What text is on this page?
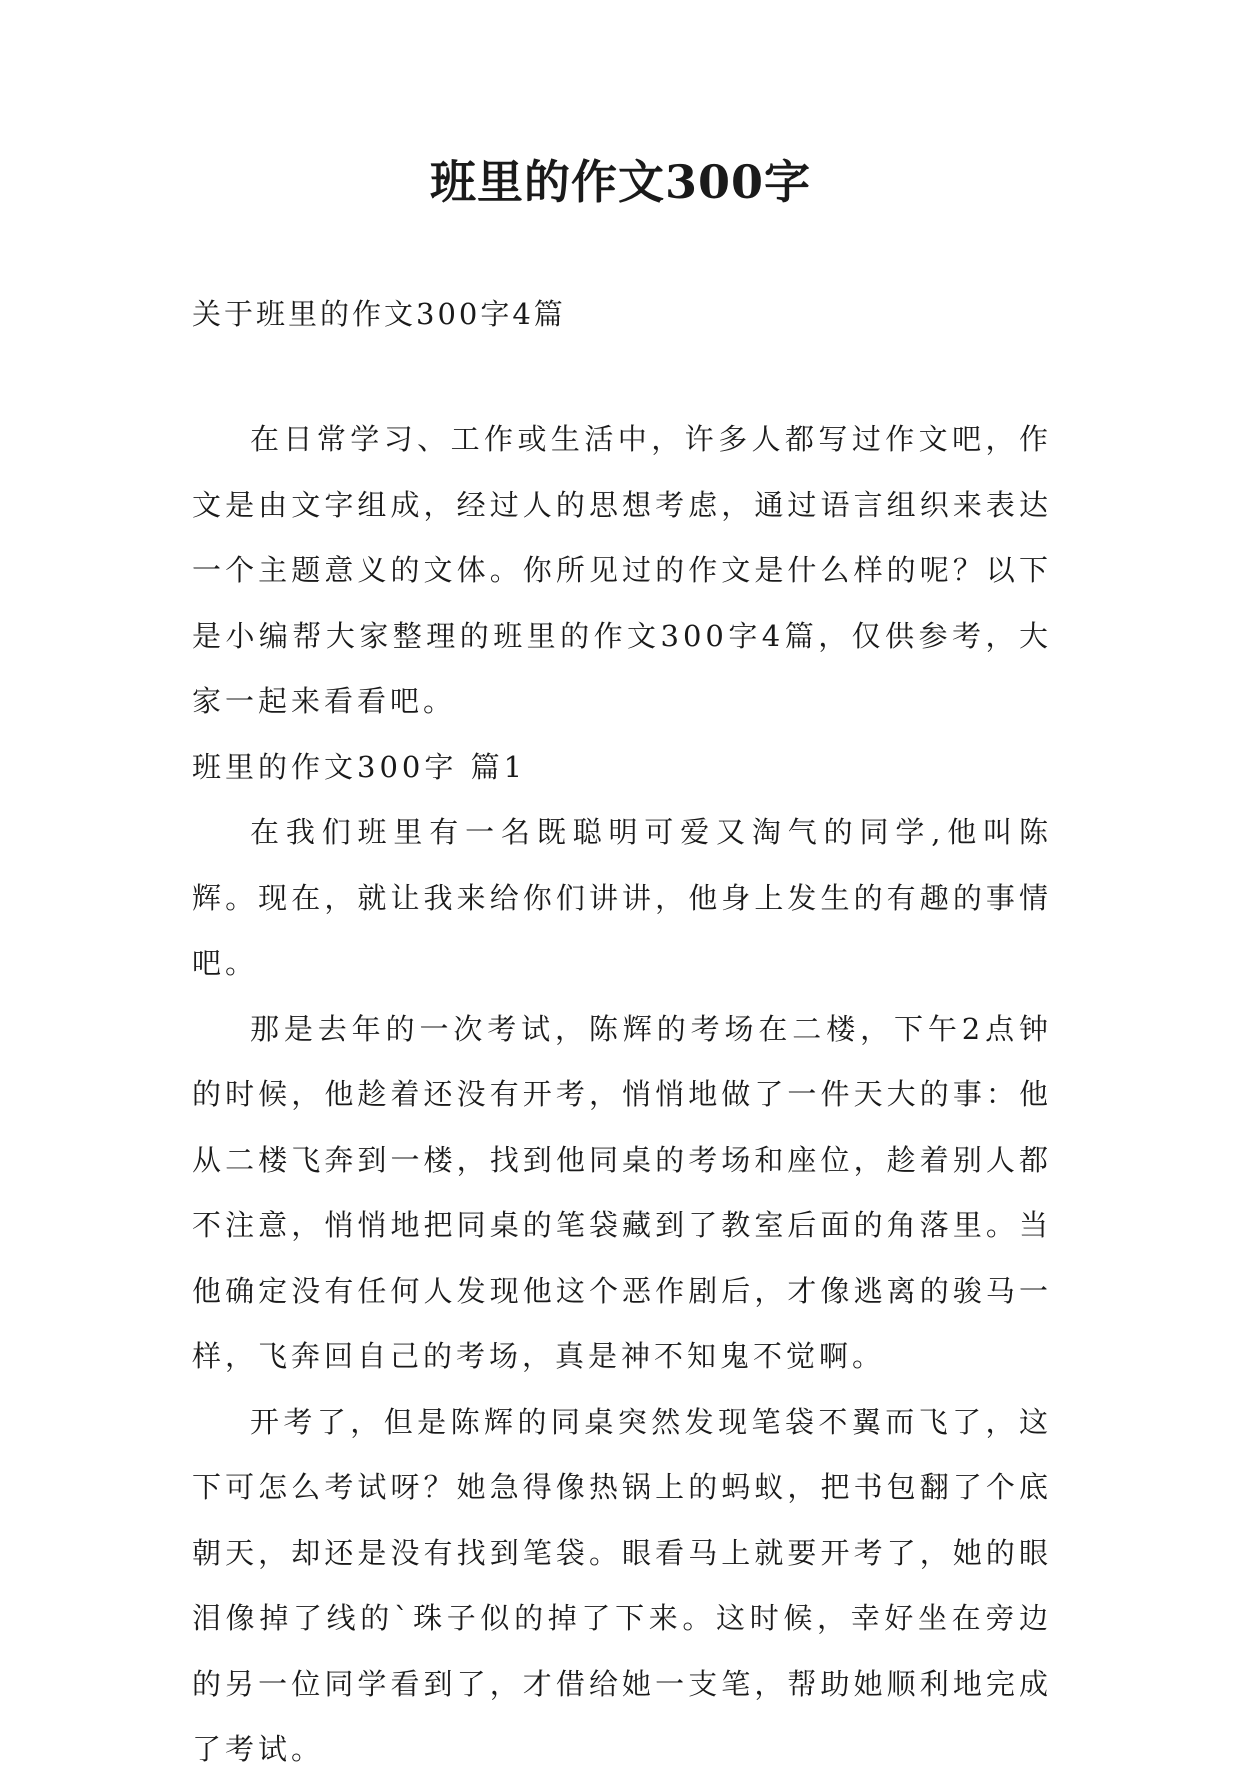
班里的作文300字
关于班里的作文300字4篇

在日常学习、工作或生活中，许多人都写过作文吧，作文是由文字组成，经过人的思想考虑，通过语言组织来表达一个主题意义的文体。你所见过的作文是什么样的呢？以下是小编帮大家整理的班里的作文300字4篇，仅供参考，大家一起来看看吧。

班里的作文300字 篇1

在我们班里有一名既聪明可爱又淘气的同学,他叫陈辉。现在，就让我来给你们讲讲，他身上发生的有趣的事情吧。

那是去年的一次考试，陈辉的考场在二楼，下午2点钟的时候，他趁着还没有开考，悄悄地做了一件天大的事：他从二楼飞奔到一楼，找到他同桌的考场和座位，趁着别人都不注意，悄悄地把同桌的笔袋藏到了教室后面的角落里。当他确定没有任何人发现他这个恶作剧后，才像逃离的骏马一样，飞奔回自己的考场，真是神不知鬼不觉啊。

开考了，但是陈辉的同桌突然发现笔袋不翼而飞了，这下可怎么考试呀？她急得像热锅上的蚂蚁，把书包翻了个底朝天，却还是没有找到笔袋。眼看马上就要开考了，她的眼泪像掉了线的`珠子似的掉了下来。这时候，幸好坐在旁边的另一位同学看到了，才借给她一支笔，帮助她顺利地完成了考试。
